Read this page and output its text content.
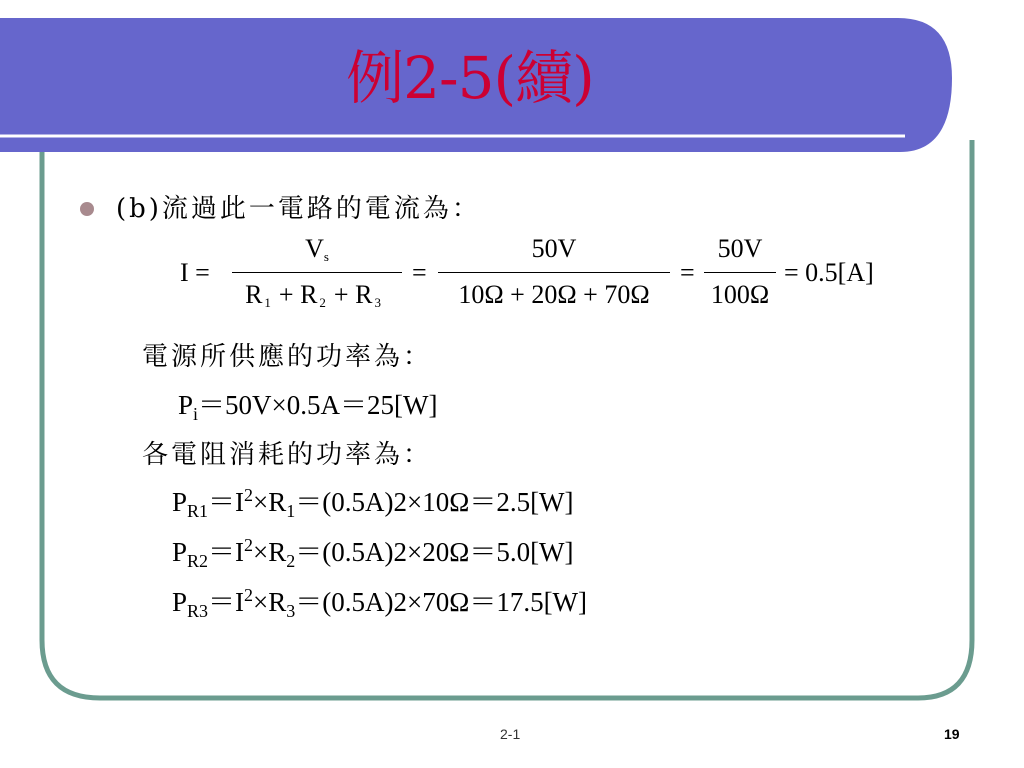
例2-5(續)
(b)流過此一電路的電流為：
I =
Vs
R 1 + R 2 + R 3
=
50V
10Ω + 20Ω + 70Ω
=
50V
100Ω
= 0.5[A]
電源所供應的功率為：
$P_i=50V\times 0.5A=25[W]$
各電阻消耗的功率為：
$P_{R1}=I^2\times R_1=(0.5A)2\times 10\Omega=2.5[W]$
$P_{R2}=I^2\times R_2=(0.5A)2\times 20\Omega=5.0[W]$
$P_{R3}=I^2\times R_3=(0.5A)2\times 70\Omega=17.5[W]$
2-1	19
